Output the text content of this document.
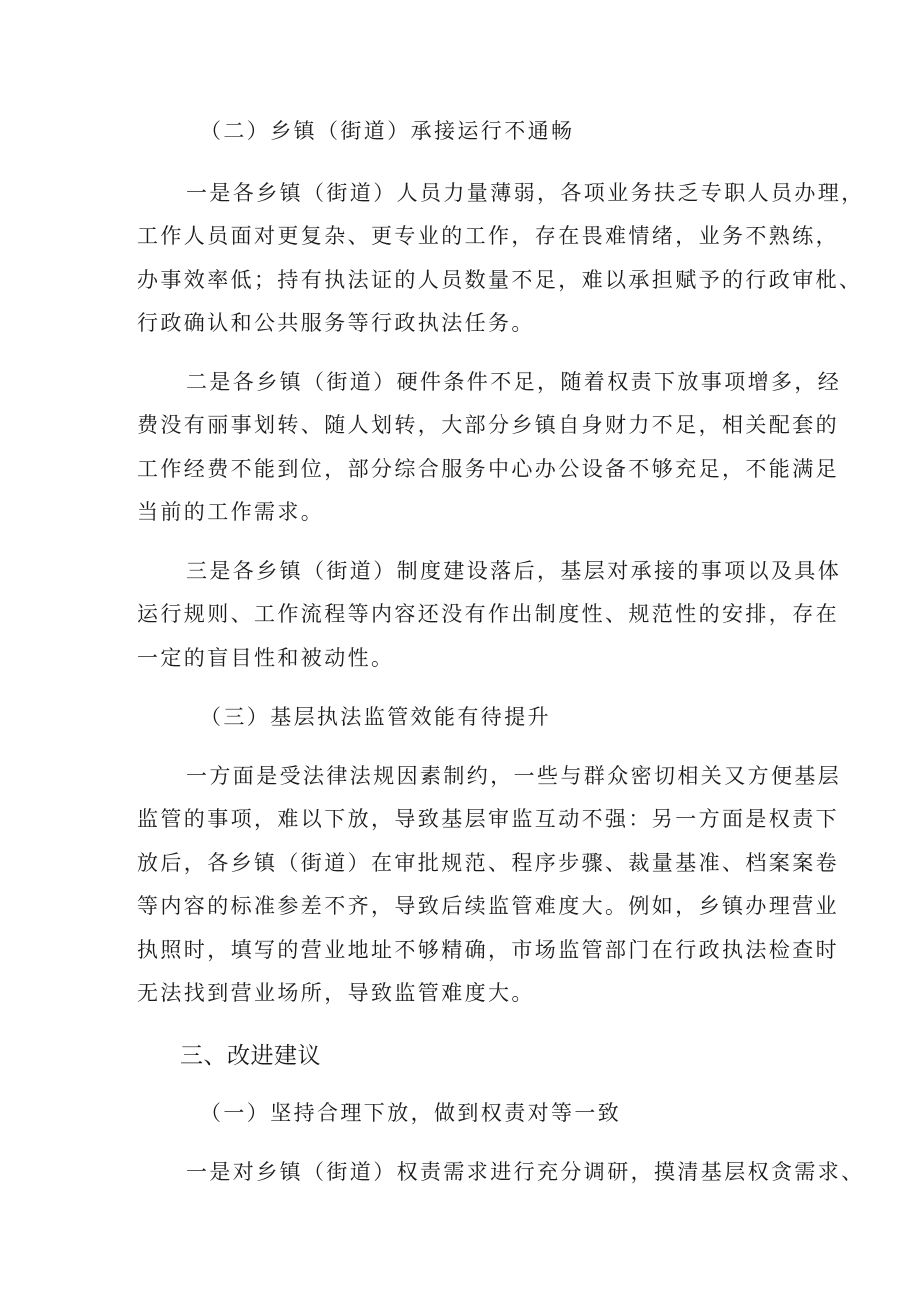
（二）乡镇（街道）承接运行不通畅
一是各乡镇（街道）人员力量薄弱，各项业务扶乏专职人员办理，
工作人员面对更复杂、更专业的工作，存在畏难情绪，业务不熟练，
办事效率低；持有执法证的人员数量不足，难以承担赋予的行政审枇、
行政确认和公共服务等行政执法任务。
二是各乡镇（街道）硬件条件不足，随着权责下放事项增多，经
费没有丽事划转、随人划转，大部分乡镇自身财力不足，相关配套的
工作经费不能到位，部分综合服务中心办公设备不够充足，不能满足
当前的工作需求。
三是各乡镇（街道）制度建设落后，基层对承接的事项以及具体
运行规则、工作流程等内容还没有作出制度性、规范性的安排，存在
一定的盲目性和被动性。
（三）基层执法监管效能有待提升
一方面是受法律法规因素制约，一些与群众密切相关又方便基层
监管的事项，难以下放，导致基层审监互动不强：另一方面是权责下
放后，各乡镇（街道）在审批规范、程序步骤、裁量基准、档案案卷
等内容的标准参差不齐，导致后续监管难度大。例如，乡镇办理营业
执照时，填写的营业地址不够精确，市场监管部门在行政执法检查时
无法找到营业场所，导致监管难度大。
三、改进建议
（一）坚持合理下放，做到权责对等一致
一是对乡镇（街道）权责需求进行充分调研，摸清基层权贪需求、
